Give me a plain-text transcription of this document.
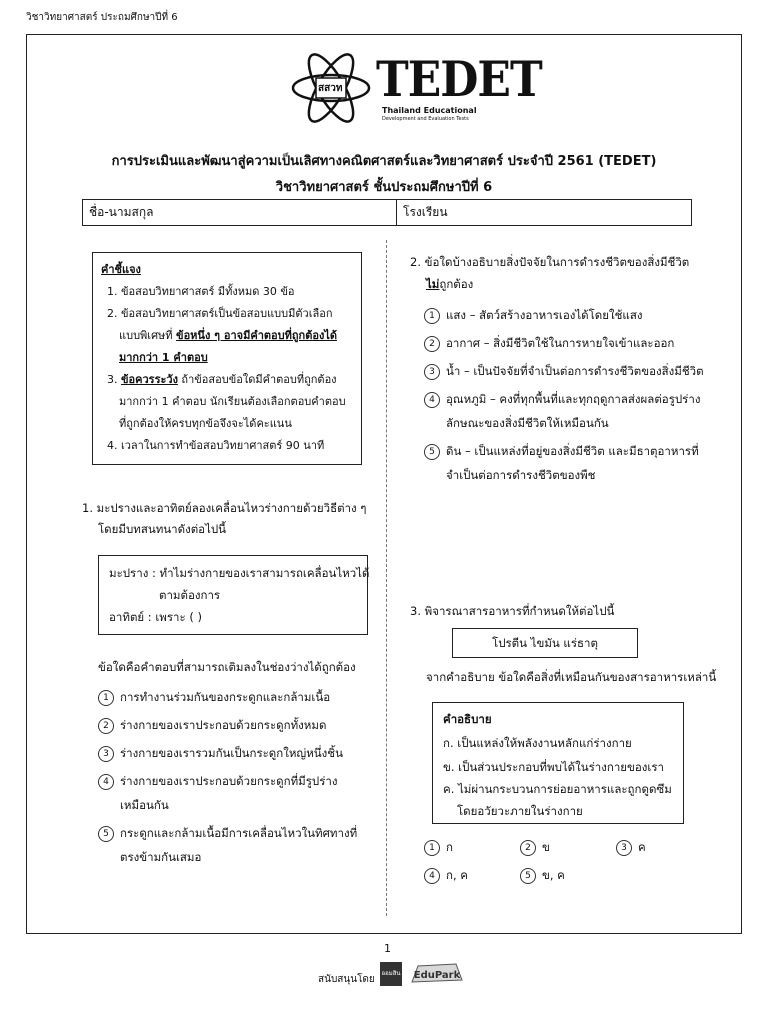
วิชาวิทยาศาสตร์ ประถมศึกษาปีที่ 6
สสวท TEDET
Thailand Educational
Development and Evaluation Tests
การประเมินและพัฒนาสู่ความเป็นเลิศทางคณิตศาสตร์และวิทยาศาสตร์ ประจำปี 2561 (TEDET)
วิชาวิทยาศาสตร์ ชั้นประถมศึกษาปีที่ 6
ชื่อ-นามสกุล	โรงเรียน
คำชี้แจง
1. ข้อสอบวิทยาศาสตร์ มีทั้งหมด 30 ข้อ
2. ข้อสอบวิทยาศาสตร์เป็นข้อสอบแบบมีตัวเลือก
แบบพิเศษที่ ข้อหนึ่ง ๆ อาจมีคำตอบที่ถูกต้องได้
มากกว่า 1 คำตอบ
3. ข้อควรระวัง ถ้าข้อสอบข้อใดมีคำตอบที่ถูกต้อง
มากกว่า 1 คำตอบ นักเรียนต้องเลือกตอบคำตอบ
ที่ถูกต้องให้ครบทุกข้อจึงจะได้คะแนน
4. เวลาในการทำข้อสอบวิทยาศาสตร์ 90 นาที
1. มะปรางและอาทิตย์ลองเคลื่อนไหวร่างกายด้วยวิธีต่าง ๆ
โดยมีบทสนทนาดังต่อไปนี้
มะปราง : ทำไมร่างกายของเราสามารถเคลื่อนไหวได้
ตามต้องการ
อาทิตย์ : เพราะ ( )
ข้อใดคือคำตอบที่สามารถเติมลงในช่องว่างได้ถูกต้อง
1 การทำงานร่วมกันของกระดูกและกล้ามเนื้อ
2 ร่างกายของเราประกอบด้วยกระดูกทั้งหมด
3 ร่างกายของเรารวมกันเป็นกระดูกใหญ่หนึ่งชิ้น
4 ร่างกายของเราประกอบด้วยกระดูกที่มีรูปร่าง
เหมือนกัน
5 กระดูกและกล้ามเนื้อมีการเคลื่อนไหวในทิศทางที่
ตรงข้ามกันเสมอ
2. ข้อใดบ้างอธิบายสิ่งปัจจัยในการดำรงชีวิตของสิ่งมีชีวิต
ไม่ถูกต้อง
1 แสง – สัตว์สร้างอาหารเองได้โดยใช้แสง
2 อากาศ – สิ่งมีชีวิตใช้ในการหายใจเข้าและออก
3 น้ำ – เป็นปัจจัยที่จำเป็นต่อการดำรงชีวิตของสิ่งมีชีวิต
4 อุณหภูมิ – คงที่ทุกพื้นที่และทุกฤดูกาลส่งผลต่อรูปร่าง
ลักษณะของสิ่งมีชีวิตให้เหมือนกัน
5 ดิน – เป็นแหล่งที่อยู่ของสิ่งมีชีวิต และมีธาตุอาหารที่
จำเป็นต่อการดำรงชีวิตของพืช
3. พิจารณาสารอาหารที่กำหนดให้ต่อไปนี้
โปรตีน ไขมัน แร่ธาตุ
จากคำอธิบาย ข้อใดคือสิ่งที่เหมือนกันของสารอาหารเหล่านี้
คำอธิบาย
ก. เป็นแหล่งให้พลังงานหลักแก่ร่างกาย
ข. เป็นส่วนประกอบที่พบได้ในร่างกายของเรา
ค. ไม่ผ่านกระบวนการย่อยอาหารและถูกดูดซึม
โดยอวัยวะภายในร่างกาย
1 ก	2 ข	3 ค
4 ก, ค	5 ข, ค
1
สนับสนุนโดย
ออมสิน EduPark
